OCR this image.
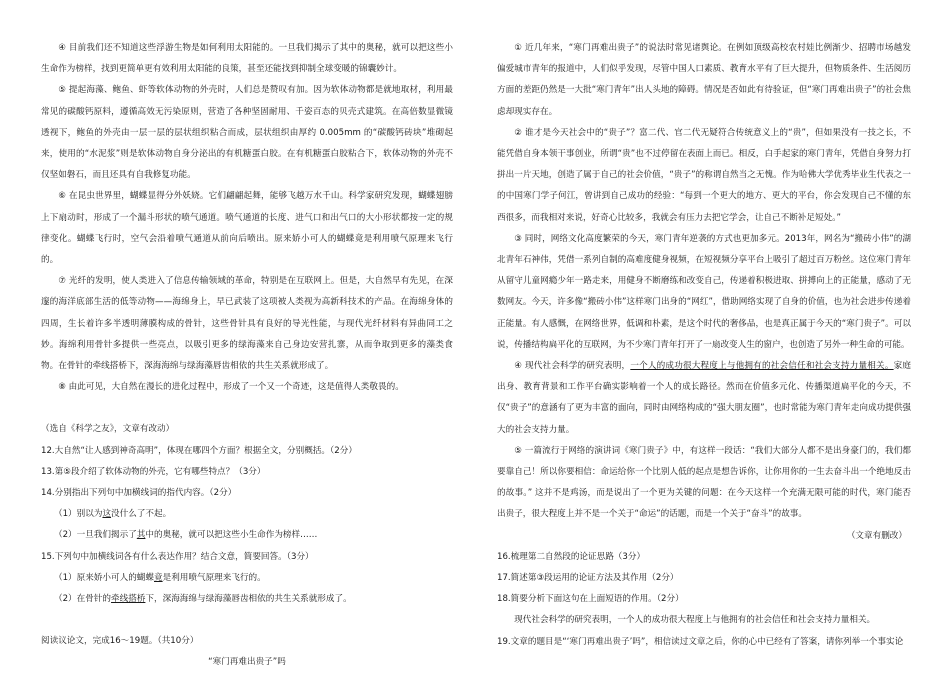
④ 目前我们还不知道这些浮游生物是如何利用太阳能的。一旦我们揭示了其中的奥秘，就可以把这些小生命作为榜样，找到更简单更有效利用太阳能的良策，甚至还能找到抑制全球变暖的锦囊妙计。

⑤ 提起海藻、鲍鱼、虾等软体动物的外壳时，人们总是赞叹有加。因为软体动物都是就地取材，利用最常见的碳酸钙原料，遵循高效无污染原则，营造了各种坚固耐用、千姿百态的贝壳式建筑。在高倍数显微镜透视下，鲍鱼的外壳由一层一层的层状组织粘合而成，层状组织由厚约 0.005mm 的“碳酸钙砖块”堆砌起来，使用的“水泥浆”则是软体动物自身分泌出的有机糖蛋白胶。在有机糖蛋白胶粘合下，软体动物的外壳不仅坚如磐石，而且还具有自我修复功能。

⑥ 在昆虫世界里，蝴蝶显得分外妖娆。它们翩翩起舞，能够飞越万水千山。科学家研究发现，蝴蝶翅膀上下扇动时，形成了一个漏斗形状的喷气通道。喷气通道的长度、进气口和出气口的大小形状都按一定的规律变化。蝴蝶飞行时，空气会沿着喷气通道从前向后喷出。原来娇小可人的蝴蝶竟是利用喷气原理来飞行的。

⑦ 光纤的发明，使人类进入了信息传输领域的革命，特别是在互联网上。但是，大自然早有先见，在深邃的海洋底部生活的低等动物——海绵身上，早已武装了这项被人类视为高新科技术的产品。在海绵身体的四周，生长着许多半透明薄膜构成的骨针，这些骨针具有良好的导光性能，与现代光纤材料有异曲同工之妙。海绵利用骨针多提供一些亮点，以吸引更多的绿海藻来自己身边安营扎寨，从而争取到更多的藻类食物。在骨针的牵线搭桥下，深海海绵与绿海藻唇齿相依的共生关系就形成了。

⑧ 由此可见，大自然在漫长的进化过程中，形成了一个又一个奇迹，这是值得人类敬畏的。

（选自《科学之友》，文章有改动）

12.大自然“让人感到神奇高明”，体现在哪四个方面？根据全文，分别概括。（2分）

13.第⑤段介绍了软体动物的外壳，它有哪些特点？（3分）

14.分别指出下列句中加横线词的指代内容。（2分）

（1）别以为这没什么了不起。

（2）一旦我们揭示了其中的奥秘，就可以把这些小生命作为榜样……

15.下列句中加横线词各有什么表达作用？结合文意，简要回答。（3分）

（1）原来娇小可人的蝴蝶竟是利用喷气原理来飞行的。

（2）在骨针的牵线搭桥下，深海海绵与绿海藻唇齿相依的共生关系就形成了。

阅读议论文，完成16～19题。（共10分）

“寒门再难出贵子”吗

① 近几年来，“寒门再难出贵子”的说法时常见诸舆论。在例如顶级高校农村娃比例渐少、招聘市场越发偏爱城市青年的报道中，人们似乎发现，尽管中国人口素质、教育水平有了巨大提升，但物质条件、生活阅历方面的差距仍然是一大批“寒门青年”出人头地的障碍。情况是否如此有待验证，但“寒门再难出贵子”的社会焦虑却现实存在。

② 谁才是今天社会中的“贵子”？富二代、官二代无疑符合传统意义上的“贵”，但如果没有一技之长，不能凭借自身本领干事创业，所谓“贵”也不过停留在表面上而已。相反，白手起家的寒门青年，凭借自身努力打拼出一片天地，创造了属于自己的社会价值，“贵子”的称谓自然当之无愧。作为哈佛大学优秀毕业生代表之一的中国寒门学子何江，曾讲到自己成功的经验：“每到一个更大的地方、更大的平台，你会发现自己不懂的东西很多，而我相对来说，好奇心比较多，我就会有压力去把它学会，让自己不断补足短处。”

③ 同时，网络文化高度繁荣的今天，寒门青年逆袭的方式也更加多元。2013年，网名为“搬砖小伟”的湖北青年石神伟，凭借一系列自制的高难度健身视频，在短视频分享平台上吸引了超过百万粉丝。这位寒门青年从留守儿童网瘾少年一路走来，用健身不断磨练和改变自己，传递着积极进取、拼搏向上的正能量，感动了无数网友。今天，许多像“搬砖小伟”这样寒门出身的“网红”，借助网络实现了自身的价值，也为社会进步传递着正能量。有人感慨，在网络世界，低调和朴素，是这个时代的奢侈品，也是真正属于今天的“寒门贵子”。可以说，传播结构扁平化的互联网，为不少寒门青年打开了一扇改变人生的窗户，也创造了另外一种生命的可能。

④ 现代社会科学的研究表明，一个人的成功很大程度上与他拥有的社会信任和社会支持力量相关。家庭出身、教育背景和工作平台确实影响着一个人的成长路径。然而在价值多元化、传播渠道扁平化的今天，不仅“贵子”的意涵有了更为丰富的面向，同时由网络构成的“强大朋友圈”，也时常能为寒门青年走向成功提供强大的社会支持力量。

⑤ 一篇流行于网络的演讲词《寒门贵子》中，有这样一段话：“我们大部分人都不是出身豪门的，我们都要靠自己！所以你要相信：命运给你一个比别人低的起点是想告诉你，让你用你的一生去奋斗出一个绝地反击的故事。” 这并不是鸡汤，而是说出了一个更为关键的问题：在今天这样一个充满无限可能的时代，寒门能否出贵子，很大程度上并不是一个关于“命运”的话题，而是一个关于“奋斗”的故事。

（文章有删改）

16.梳理第二自然段的论证思路（3分）

17.简述第③段运用的论证方法及其作用（2分）

18.简要分析下面这句在上面短语的作用。（2分）

现代社会科学的研究表明，一个人的成功很大程度上与他拥有的社会信任和社会支持力量相关。

19.文章的题目是“‘寒门再难出贵子’吗”，相信读过文章之后，你的心中已经有了答案，请你列举一个事实论
